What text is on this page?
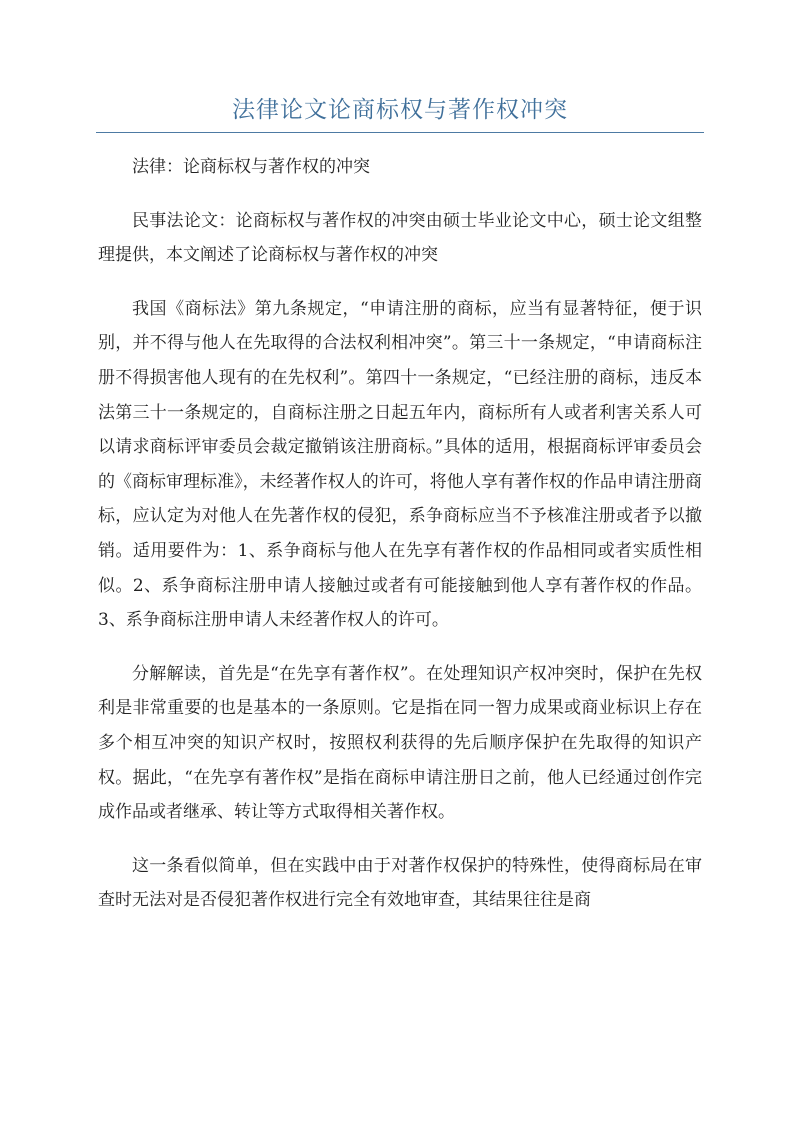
法律论文论商标权与著作权冲突

法律：论商标权与著作权的冲突

民事法论文：论商标权与著作权的冲突由硕士毕业论文中心，硕士论文组整理提供，本文阐述了论商标权与著作权的冲突

我国《商标法》第九条规定，“申请注册的商标，应当有显著特征，便于识别，并不得与他人在先取得的合法权利相冲突”。第三十一条规定，“申请商标注册不得损害他人现有的在先权利”。第四十一条规定，“已经注册的商标，违反本法第三十一条规定的，自商标注册之日起五年内，商标所有人或者利害关系人可以请求商标评审委员会裁定撤销该注册商标。”具体的适用，根据商标评审委员会的《商标审理标准》，未经著作权人的许可，将他人享有著作权的作品申请注册商标，应认定为对他人在先著作权的侵犯，系争商标应当不予核准注册或者予以撤销。适用要件为：1、系争商标与他人在先享有著作权的作品相同或者实质性相似。2、系争商标注册申请人接触过或者有可能接触到他人享有著作权的作品。3、系争商标注册申请人未经著作权人的许可。

分解解读，首先是“在先享有著作权”。在处理知识产权冲突时，保护在先权利是非常重要的也是基本的一条原则。它是指在同一智力成果或商业标识上存在多个相互冲突的知识产权时，按照权利获得的先后顺序保护在先取得的知识产权。据此，“在先享有著作权”是指在商标申请注册日之前，他人已经通过创作完成作品或者继承、转让等方式取得相关著作权。

这一条看似简单，但在实践中由于对著作权保护的特殊性，使得商标局在审查时无法对是否侵犯著作权进行完全有效地审查，其结果往往是商
